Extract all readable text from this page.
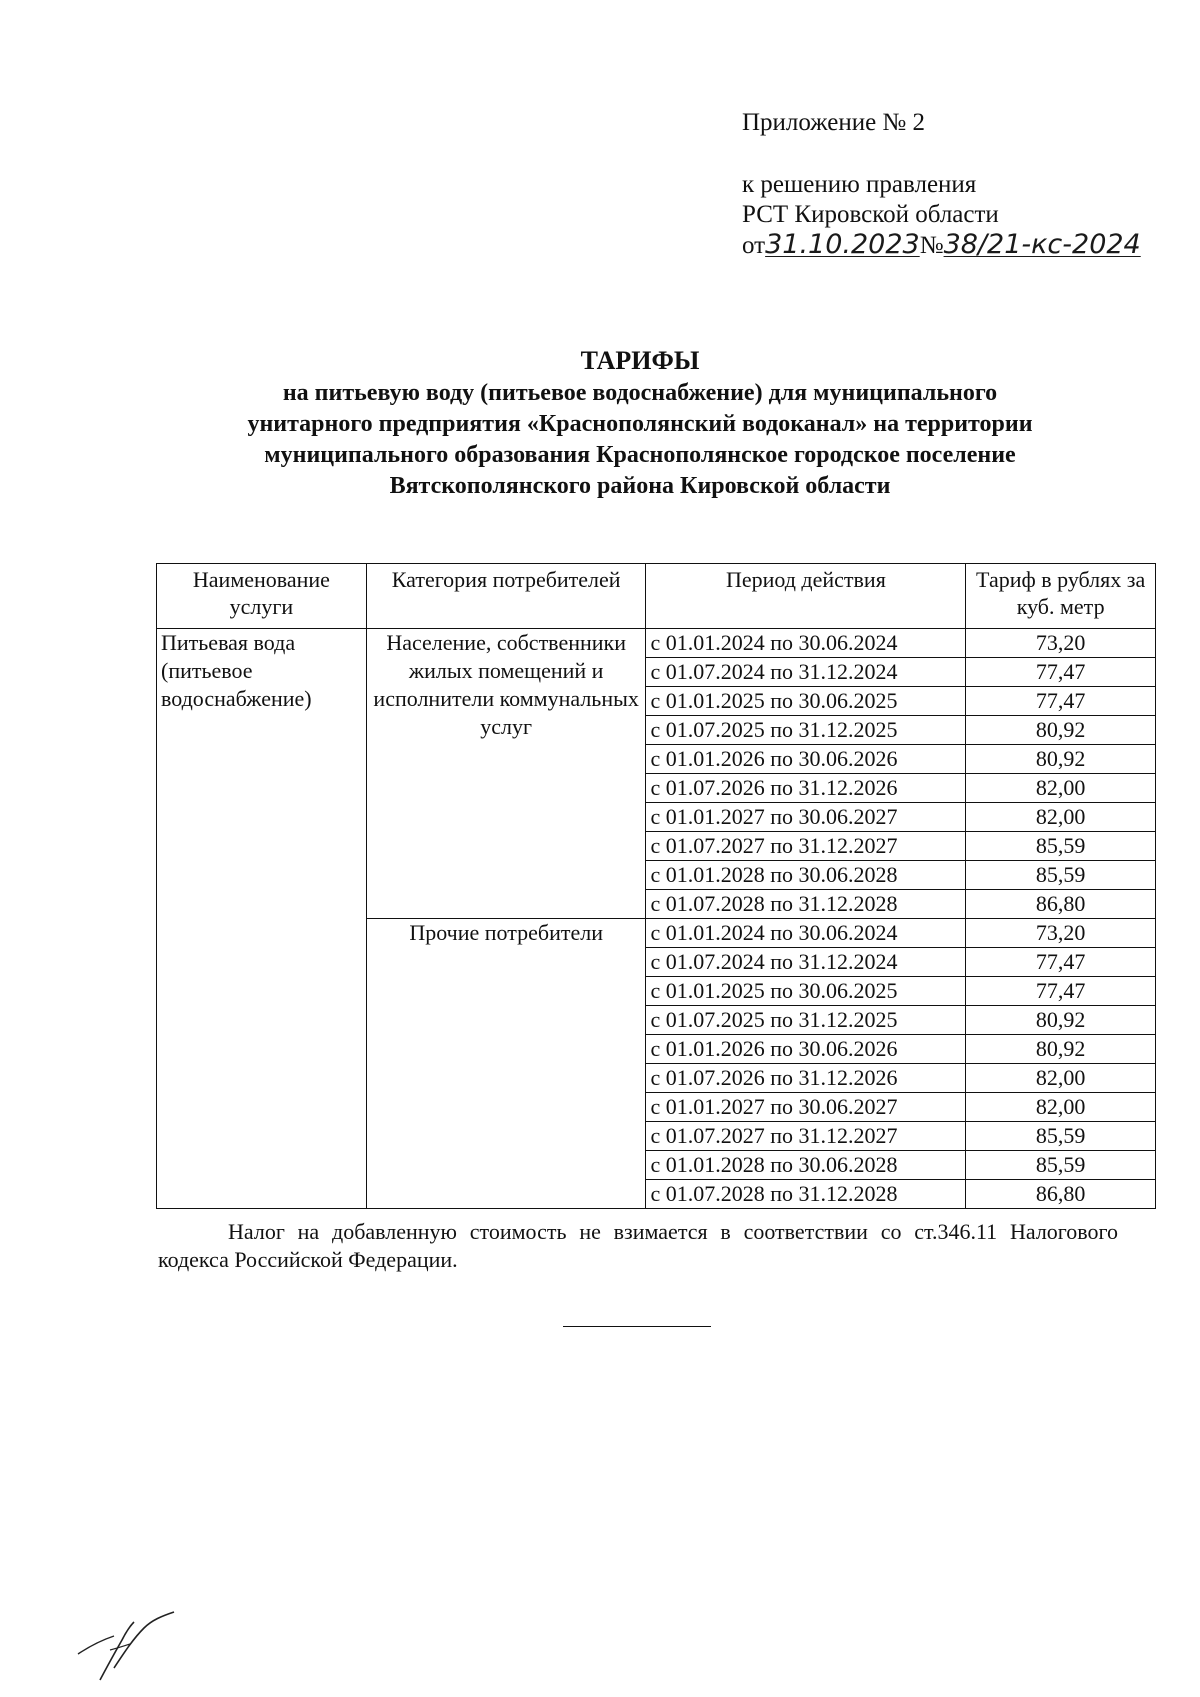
Приложение № 2
к решению правления
РСТ Кировской области
от31.10.2023№38/21-кс-2024
ТАРИФЫ
на питьевую воду (питьевое водоснабжение) для муниципального
унитарного предприятия «Краснополянский водоканал» на территории
муниципального образования Краснополянское городское поселение
Вятскополянского района Кировской области
Наименование услуги	Категория потребителей	Период действия	Тариф в рублях за куб. метр
Питьевая вода (питьевое водоснабжение)	Население, собственники жилых помещений и исполнители коммунальных услуг	с 01.01.2024 по 30.06.2024	73,20
		с 01.07.2024 по 31.12.2024	77,47
		с 01.01.2025 по 30.06.2025	77,47
		с 01.07.2025 по 31.12.2025	80,92
		с 01.01.2026 по 30.06.2026	80,92
		с 01.07.2026 по 31.12.2026	82,00
		с 01.01.2027 по 30.06.2027	82,00
		с 01.07.2027 по 31.12.2027	85,59
		с 01.01.2028 по 30.06.2028	85,59
		с 01.07.2028 по 31.12.2028	86,80
	Прочие потребители	с 01.01.2024 по 30.06.2024	73,20
		с 01.07.2024 по 31.12.2024	77,47
		с 01.01.2025 по 30.06.2025	77,47
		с 01.07.2025 по 31.12.2025	80,92
		с 01.01.2026 по 30.06.2026	80,92
		с 01.07.2026 по 31.12.2026	82,00
		с 01.01.2027 по 30.06.2027	82,00
		с 01.07.2027 по 31.12.2027	85,59
		с 01.01.2028 по 30.06.2028	85,59
		с 01.07.2028 по 31.12.2028	86,80
Налог на добавленную стоимость не взимается в соответствии со ст.346.11 Налогового кодекса Российской Федерации.
